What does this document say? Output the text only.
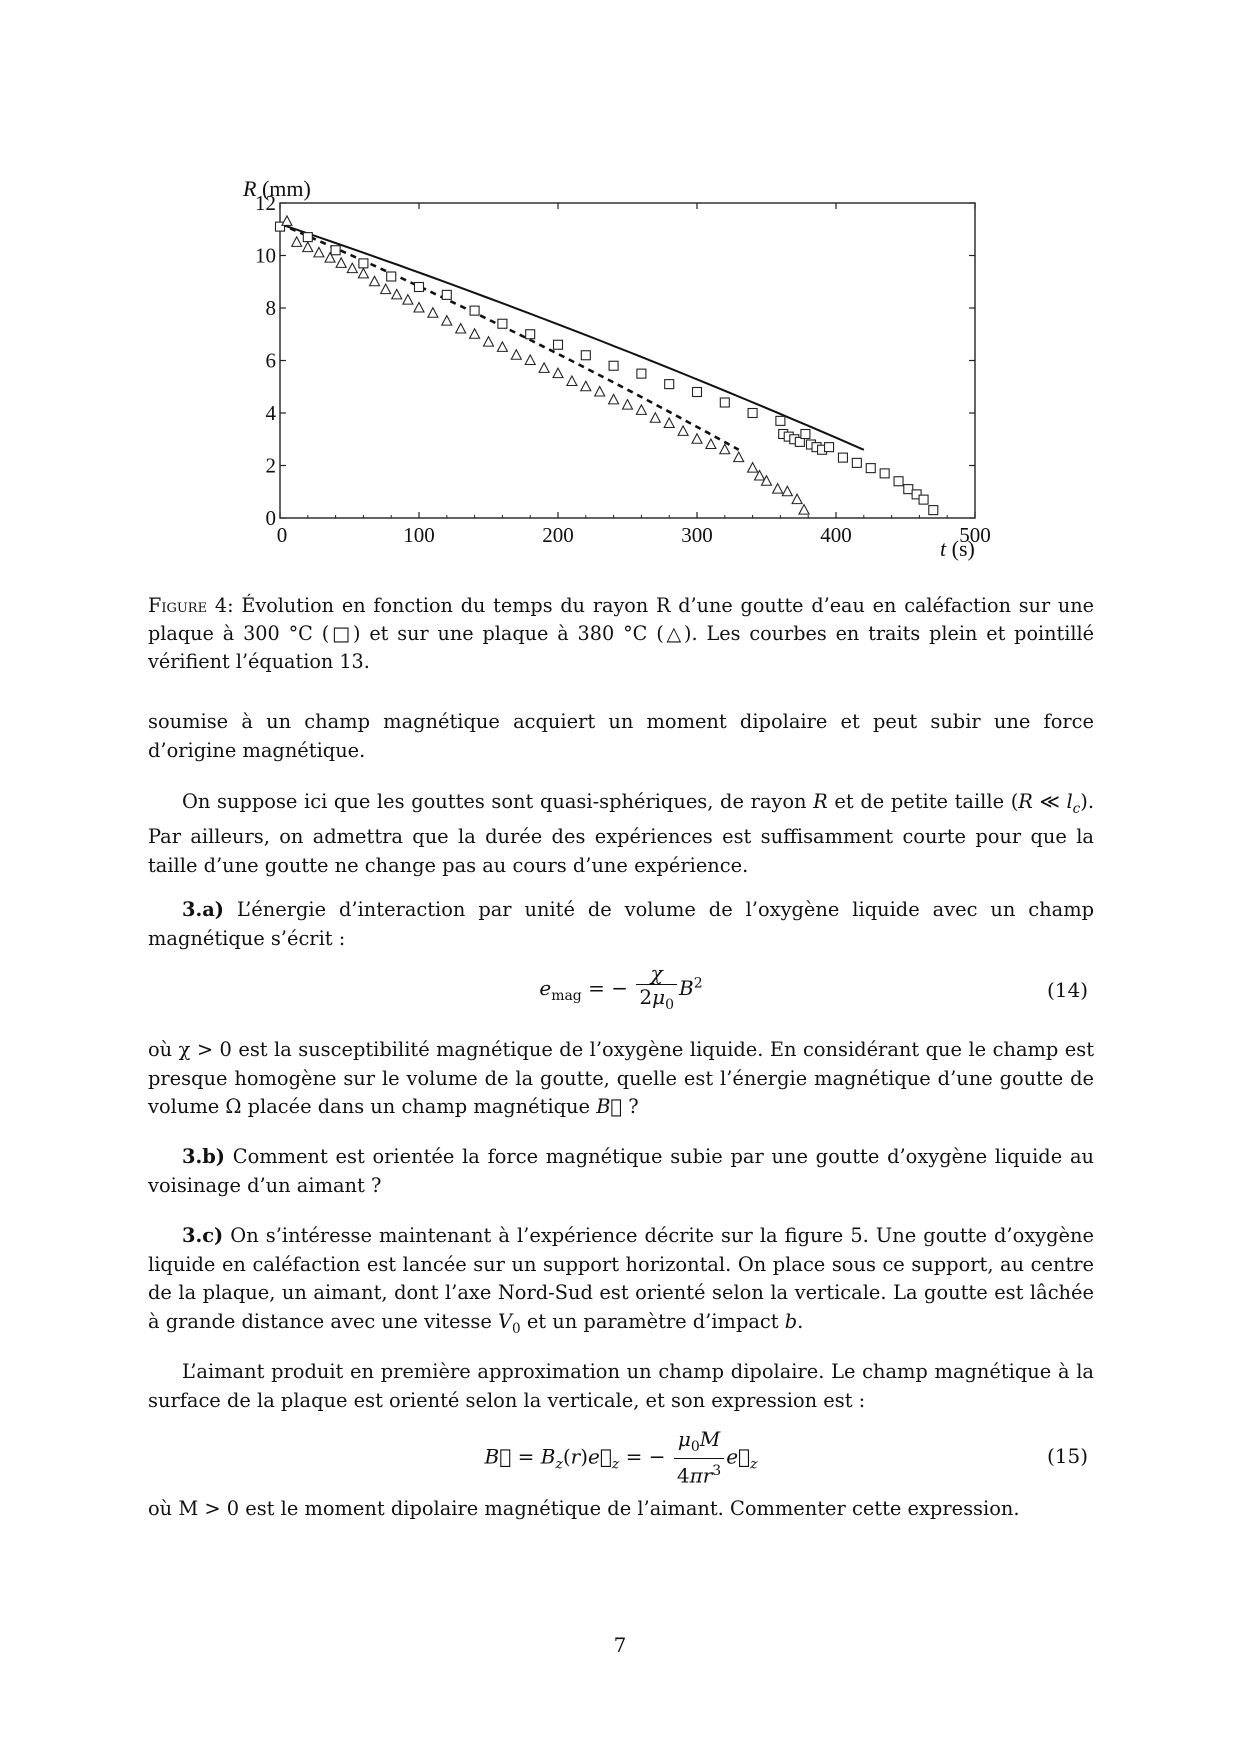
0	100	200	300	400	500
0
2
4
6
8
10
12
R (mm)
t (s)
Figure 4: Évolution en fonction du temps du rayon R d’une goutte d’eau en caléfaction sur une plaque à 300 °C (□) et sur une plaque à 380 °C (△). Les courbes en traits plein et pointillé vérifient l’équation 13.
soumise à un champ magnétique acquiert un moment dipolaire et peut subir une force d’origine magnétique.
On suppose ici que les gouttes sont quasi-sphériques, de rayon R et de petite taille (R ≪ $l_c$). Par ailleurs, on admettra que la durée des expériences est suffisamment courte pour que la taille d’une goutte ne change pas au cours d’une expérience.
3.a) L’énergie d’interaction par unité de volume de l’oxygène liquide avec un champ magnétique s’écrit :
$e_{mag}$ = − $\frac{\chi}{2\mu_0} B^2$	(14)
où χ > 0 est la susceptibilité magnétique de l’oxygène liquide. En considérant que le champ est presque homogène sur le volume de la goutte, quelle est l’énergie magnétique d’une goutte de volume Ω placée dans un champ magnétique B⃗ ?
3.b) Comment est orientée la force magnétique subie par une goutte d’oxygène liquide au voisinage d’un aimant ?
3.c) On s’intéresse maintenant à l’expérience décrite sur la figure 5. Une goutte d’oxygène liquide en caléfaction est lancée sur un support horizontal. On place sous ce support, au centre de la plaque, un aimant, dont l’axe Nord-Sud est orienté selon la verticale. La goutte est lâchée à grande distance avec une vitesse $V_0$ et un paramètre d’impact b.
L’aimant produit en première approximation un champ dipolaire. Le champ magnétique à la surface de la plaque est orienté selon la verticale, et son expression est :
B⃗ = $B_z(r)e⃗_z$ = − $\frac{\mu_0M}{4\pi r^3}$ $e⃗_z$	(15)
où M > 0 est le moment dipolaire magnétique de l’aimant. Commenter cette expression.
7
